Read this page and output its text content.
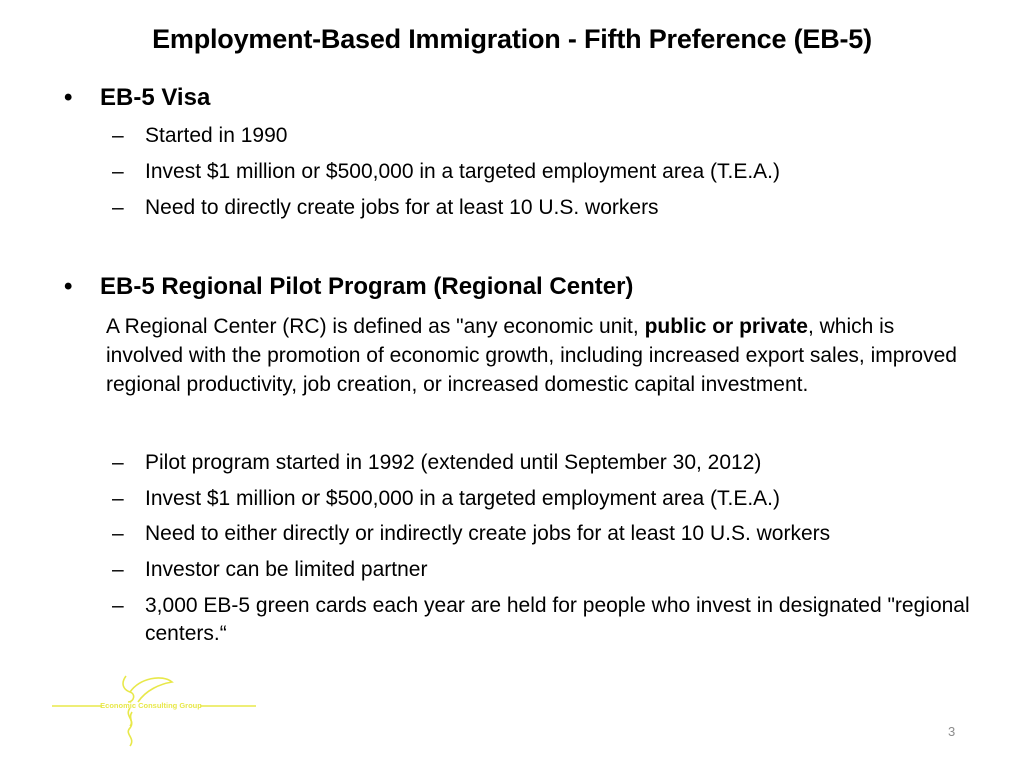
Employment-Based Immigration - Fifth Preference (EB-5)
• EB-5 Visa
– Started in 1990
– Invest $1 million or $500,000 in a targeted employment area (T.E.A.)
– Need to directly create jobs for at least 10 U.S. workers
• EB-5 Regional Pilot Program (Regional Center)
A Regional Center (RC) is defined as "any economic unit, public or private, which is involved with the promotion of economic growth, including increased export sales, improved regional productivity, job creation, or increased domestic capital investment.
– Pilot program started in 1992 (extended until September 30, 2012)
– Invest $1 million or $500,000 in a targeted employment area (T.E.A.)
– Need to either directly or indirectly create jobs for at least 10 U.S. workers
– Investor can be limited partner
– 3,000 EB-5 green cards each year are held for people who invest in designated "regional centers.“
Economic Consulting Group
3
